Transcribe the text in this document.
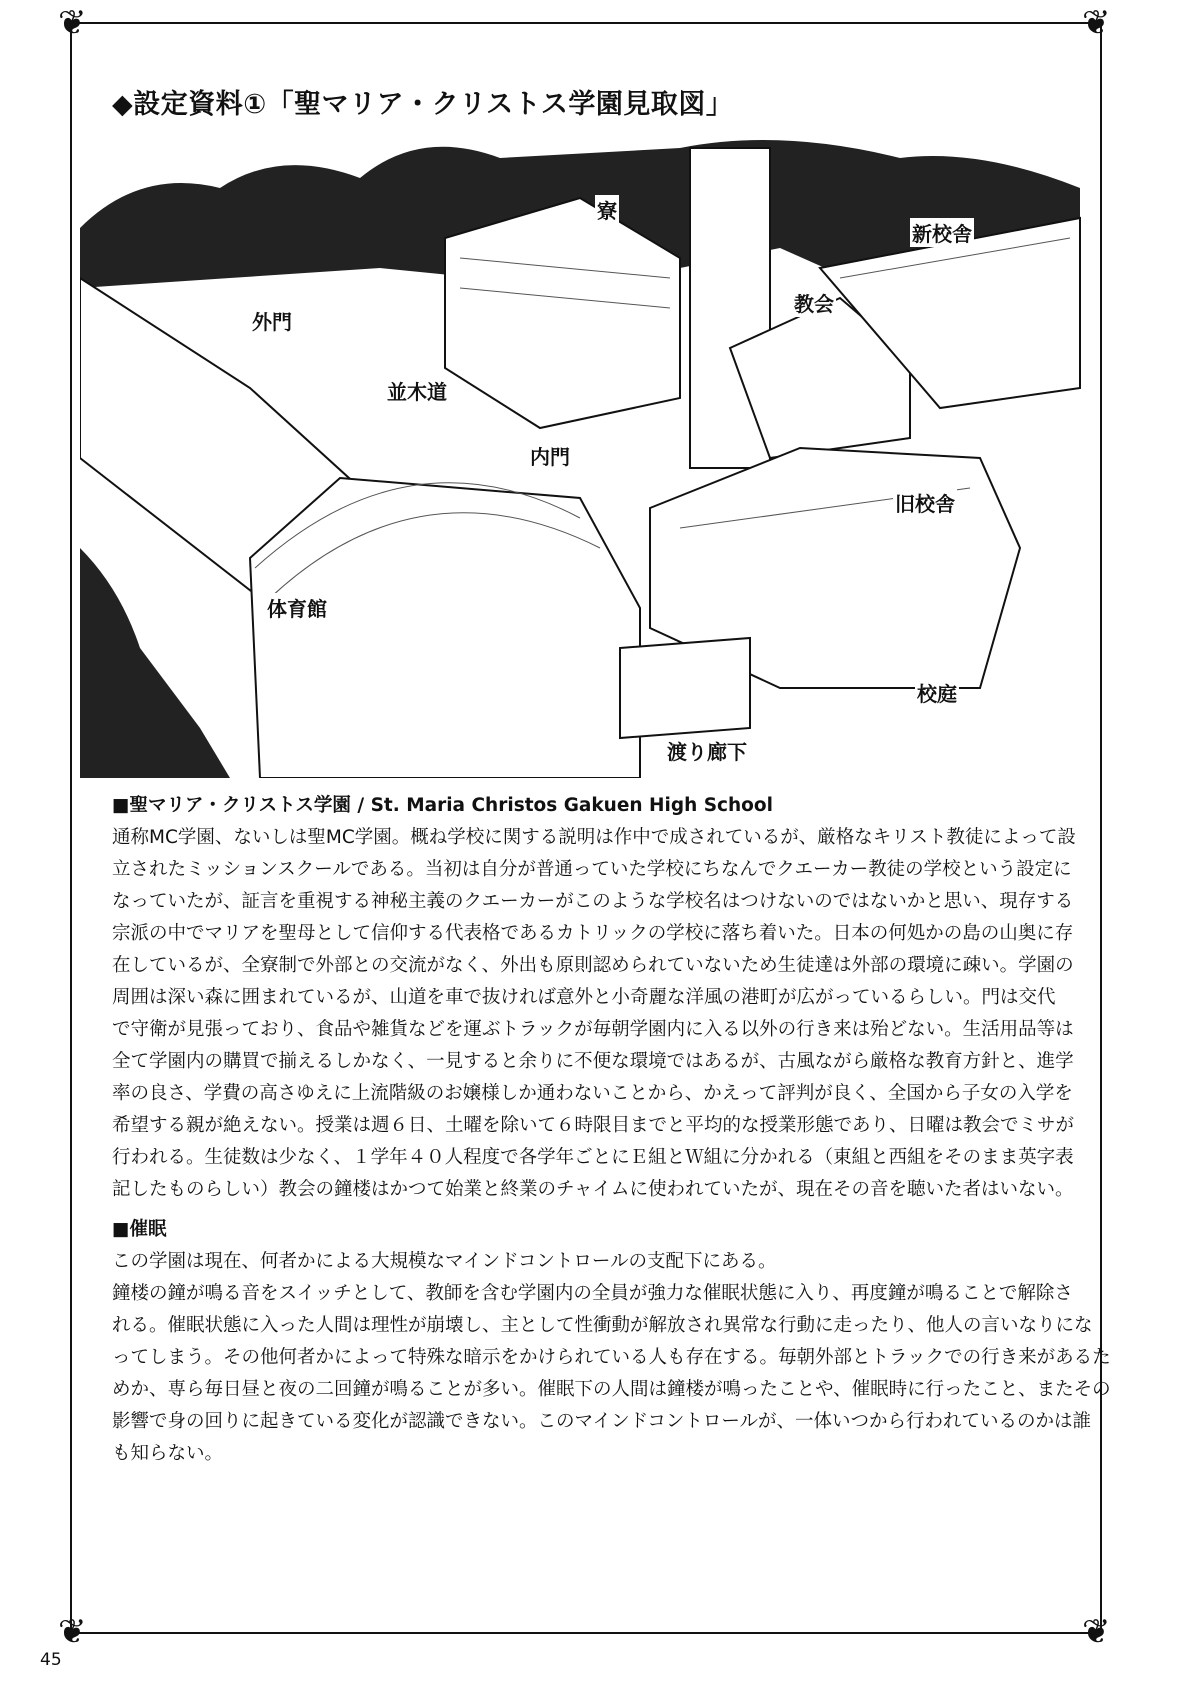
❦	❦
❦	❦
◆設定資料①「聖マリア・クリストス学園見取図」
寮
新校舎
外門
教会
並木道
内門
旧校舎
体育館
校庭
渡り廊下
■聖マリア・クリストス学園 / St. Maria Christos Gakuen High School
通称MC学園、ないしは聖MC学園。概ね学校に関する説明は作中で成されているが、厳格なキリスト教徒によって設
立されたミッションスクールである。当初は自分が普通っていた学校にちなんでクエーカー教徒の学校という設定に
なっていたが、証言を重視する神秘主義のクエーカーがこのような学校名はつけないのではないかと思い、現存する
宗派の中でマリアを聖母として信仰する代表格であるカトリックの学校に落ち着いた。日本の何処かの島の山奥に存
在しているが、全寮制で外部との交流がなく、外出も原則認められていないため生徒達は外部の環境に疎い。学園の
周囲は深い森に囲まれているが、山道を車で抜ければ意外と小奇麗な洋風の港町が広がっているらしい。門は交代
で守衛が見張っており、食品や雑貨などを運ぶトラックが毎朝学園内に入る以外の行き来は殆どない。生活用品等は
全て学園内の購買で揃えるしかなく、一見すると余りに不便な環境ではあるが、古風ながら厳格な教育方針と、進学
率の良さ、学費の高さゆえに上流階級のお嬢様しか通わないことから、かえって評判が良く、全国から子女の入学を
希望する親が絶えない。授業は週６日、土曜を除いて６時限目までと平均的な授業形態であり、日曜は教会でミサが
行われる。生徒数は少なく、１学年４０人程度で各学年ごとにＥ組とＷ組に分かれる（東組と西組をそのまま英字表
記したものらしい）教会の鐘楼はかつて始業と終業のチャイムに使われていたが、現在その音を聴いた者はいない。
■催眠
この学園は現在、何者かによる大規模なマインドコントロールの支配下にある。
鐘楼の鐘が鳴る音をスイッチとして、教師を含む学園内の全員が強力な催眠状態に入り、再度鐘が鳴ることで解除さ
れる。催眠状態に入った人間は理性が崩壊し、主として性衝動が解放され異常な行動に走ったり、他人の言いなりにな
ってしまう。その他何者かによって特殊な暗示をかけられている人も存在する。毎朝外部とトラックでの行き来があるた
めか、専ら毎日昼と夜の二回鐘が鳴ることが多い。催眠下の人間は鐘楼が鳴ったことや、催眠時に行ったこと、またその
影響で身の回りに起きている変化が認識できない。このマインドコントロールが、一体いつから行われているのかは誰
も知らない。
45
